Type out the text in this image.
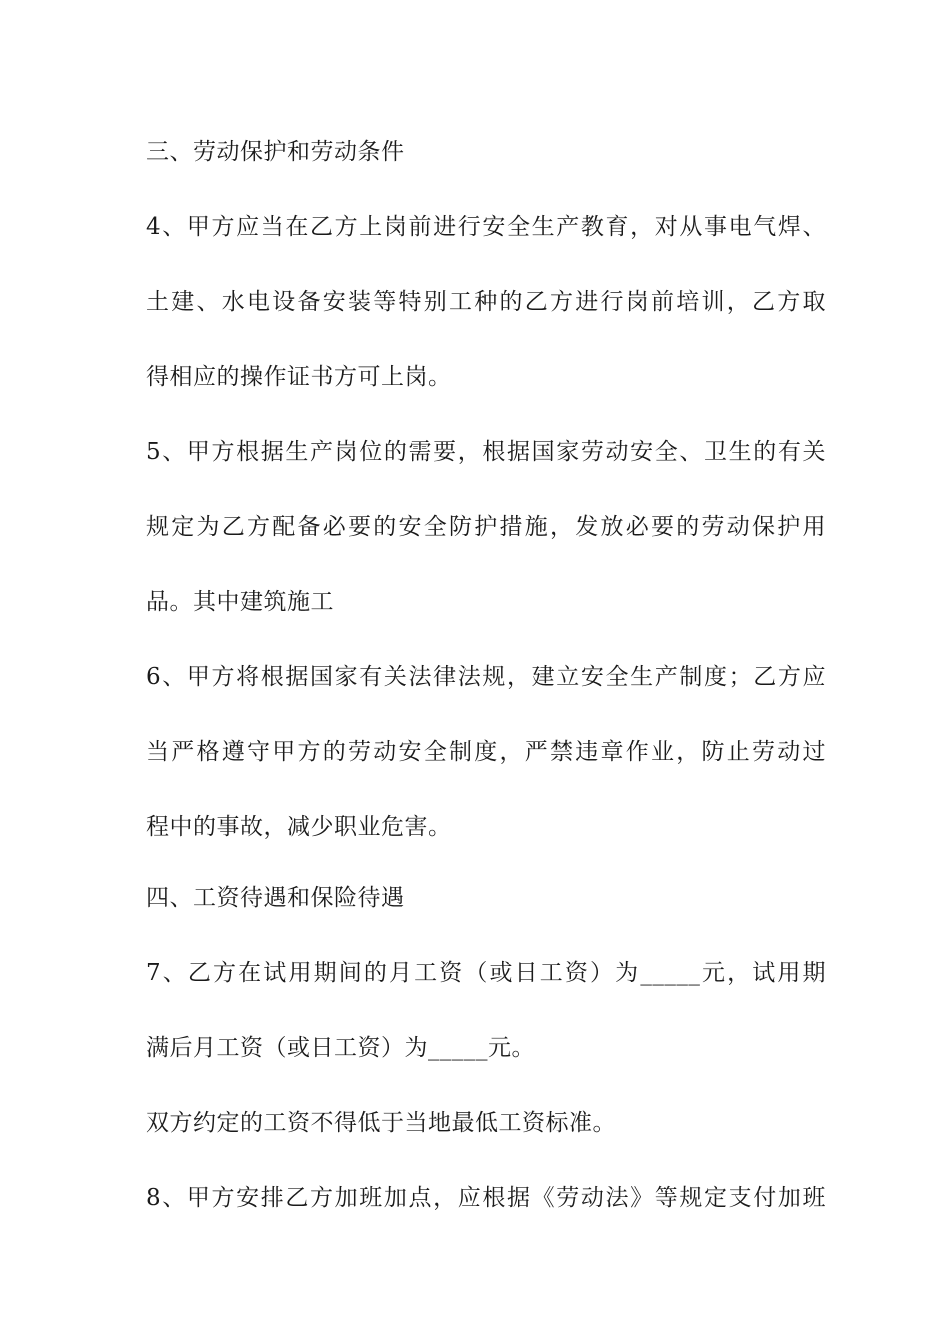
三、劳动保护和劳动条件
4、甲方应当在乙方上岗前进行安全生产教育，对从事电气焊、
土建、水电设备安装等特别工种的乙方进行岗前培训，乙方取
得相应的操作证书方可上岗。
5、甲方根据生产岗位的需要，根据国家劳动安全、卫生的有关
规定为乙方配备必要的安全防护措施，发放必要的劳动保护用
品。其中建筑施工
6、甲方将根据国家有关法律法规，建立安全生产制度；乙方应
当严格遵守甲方的劳动安全制度，严禁违章作业，防止劳动过
程中的事故，减少职业危害。
四、工资待遇和保险待遇
7、乙方在试用期间的月工资（或日工资）为_____元，试用期
满后月工资（或日工资）为_____元。
双方约定的工资不得低于当地最低工资标准。
8、甲方安排乙方加班加点，应根据《劳动法》等规定支付加班
